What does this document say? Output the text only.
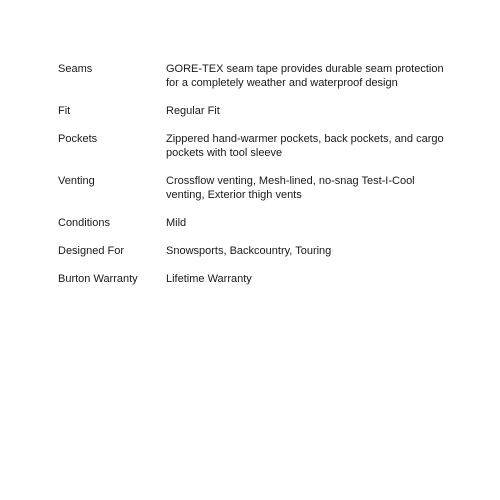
Seams	GORE-TEX seam tape provides durable seam protection for a completely weather and waterproof design
Fit	Regular Fit
Pockets	Zippered hand-warmer pockets, back pockets, and cargo pockets with tool sleeve
Venting	Crossflow venting, Mesh-lined, no-snag Test-I-Cool venting, Exterior thigh vents
Conditions	Mild
Designed For	Snowsports, Backcountry, Touring
Burton Warranty	Lifetime Warranty
